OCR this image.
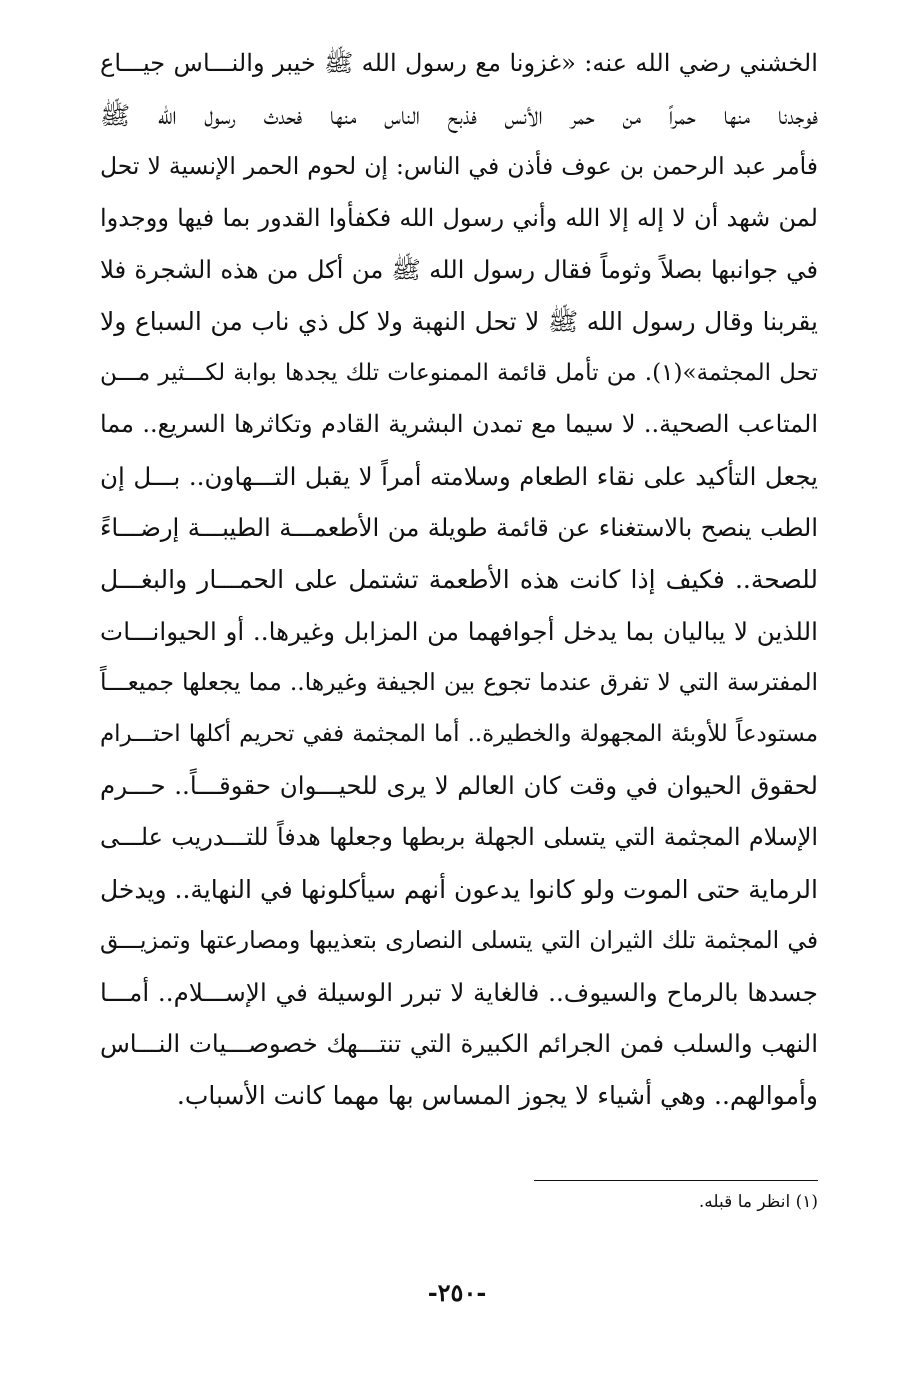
الخشني رضي الله عنه: «غزونا مع رسول الله ﷺ خيبر والنـــاس جيـــاع
فوجدنا منها حمراً من حمر الأنس فذبح الناس منها فحدث رسول الله ﷺ
فأمر عبد الرحمن بن عوف فأذن في الناس: إن لحوم الحمر الإنسية لا تحل
لمن شهد أن لا إله إلا الله وأني رسول الله فكفأوا القدور بما فيها ووجدوا
في جوانبها بصلاً وثوماً فقال رسول الله ﷺ من أكل من هذه الشجرة فلا
يقربنا وقال رسول الله ﷺ لا تحل النهبة ولا كل ذي ناب من السباع ولا
تحل المجثمة»(١). من تأمل قائمة الممنوعات تلك يجدها بوابة لكـــثير مـــن
المتاعب الصحية.. لا سيما مع تمدن البشرية القادم وتكاثرها السريع.. مما
يجعل التأكيد على نقاء الطعام وسلامته أمراً لا يقبل التـــهاون.. بـــل إن
الطب ينصح بالاستغناء عن قائمة طويلة من الأطعمـــة الطيبـــة إرضـــاءً
للصحة.. فكيف إذا كانت هذه الأطعمة تشتمل على الحمـــار والبغـــل
اللذين لا يباليان بما يدخل أجوافهما من المزابل وغيرها.. أو الحيوانـــات
المفترسة التي لا تفرق عندما تجوع بين الجيفة وغيرها.. مما يجعلها جميعـــاً
مستودعاً للأوبئة المجهولة والخطيرة.. أما المجثمة ففي تحريم أكلها احتـــرام
لحقوق الحيوان في وقت كان العالم لا يرى للحيـــوان حقوقـــاً.. حـــرم
الإسلام المجثمة التي يتسلى الجهلة بربطها وجعلها هدفاً للتـــدريب علـــى
الرماية حتى الموت ولو كانوا يدعون أنهم سيأكلونها في النهاية.. ويدخل
في المجثمة تلك الثيران التي يتسلى النصارى بتعذيبها ومصارعتها وتمزيـــق
جسدها بالرماح والسيوف.. فالغاية لا تبرر الوسيلة في الإســـلام.. أمـــا
النهب والسلب فمن الجرائم الكبيرة التي تنتـــهك خصوصـــيات النـــاس
وأموالهم.. وهي أشياء لا يجوز المساس بها مهما كانت الأسباب.
(١) انظر ما قبله.
-٢٥٠-
